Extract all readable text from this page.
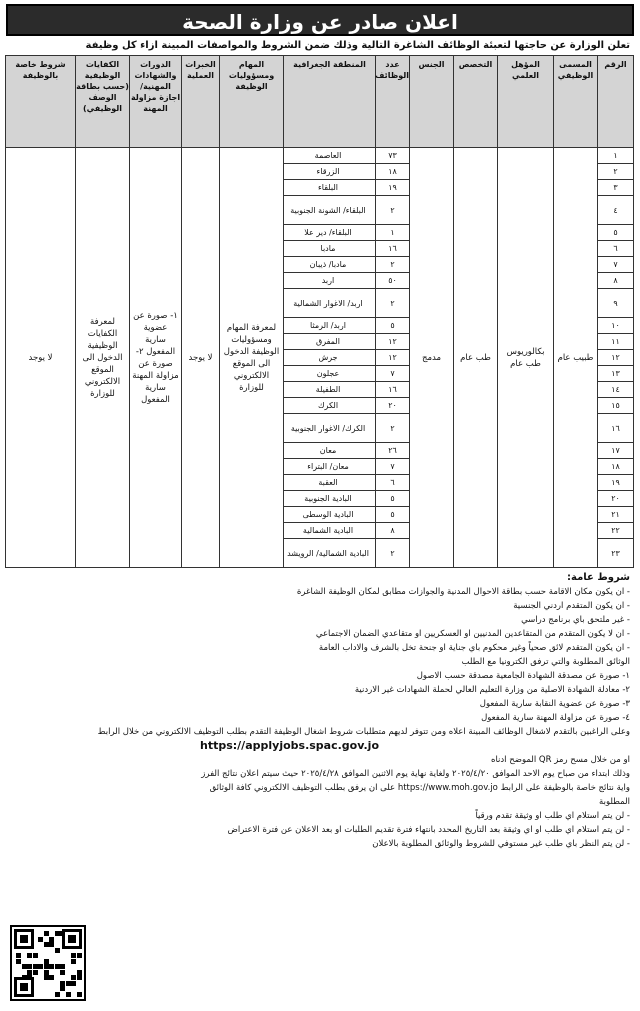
اعلان صادر عن وزارة الصحة
تعلن الوزارة عن حاجتها لتعبئة الوظائف الشاغرة التالية وذلك ضمن الشروط والمواصفات المبينة ازاء كل وظيفة
الرقم	المسمى الوظيفي	المؤهل العلمي	التخصص	الجنس	عدد الوظائف	المنطقة الجغرافية	المهام ومسؤوليات الوظيفة	الخبرات العملية	الدورات والشهادات المهنية/ اجازة مزاولة المهنة	الكفايات الوظيفية (حسب بطاقة الوصف الوظيفي)	شروط خاصة بالوظيفة
١	طبيب عام	بكالوريوس طب عام	طب عام	مدمج	٧٣	العاصمة	لمعرفة المهام ومسؤوليات الوظيفة الدخول الى الموقع الالكتروني للوزارة	لا يوجد	١- صورة عن عضوية سارية المفعول ٢- صورة عن مزاولة المهنة سارية المفعول	لمعرفة الكفايات الوظيفية الدخول الى الموقع الالكتروني للوزارة	لا يوجد
٢					١٨	الزرقاء					
٣					١٩	البلقاء					
٤					٢	البلقاء/ الشونة الجنوبية					
٥					١	البلقاء/ دير علا					
٦					١٦	مادبا					
٧					٢	مادبا/ ذيبان					
٨					٥٠	اربد					
٩					٢	اربد/ الاغوار الشمالية					
١٠					٥	اربد/ الرمثا					
١١					١٢	المفرق					
١٢					١٢	جرش					
١٣					٧	عجلون					
١٤					١٦	الطفيلة					
١٥					٢٠	الكرك					
١٦					٢	الكرك/ الاغوار الجنوبية					
١٧					٢٦	معان					
١٨					٧	معان/ البتراء					
١٩					٦	العقبة					
٢٠					٥	البادية الجنوبية					
٢١					٥	البادية الوسطى					
٢٢					٨	البادية الشمالية					
٢٣					٢	البادية الشمالية/ الرويشد					
شروط عامة:
- ان يكون مكان الاقامة حسب بطاقة الاحوال المدنية والجوازات مطابق لمكان الوظيفة الشاغرة
- ان يكون المتقدم اردني الجنسية
- غير ملتحق باي برنامج دراسي
- ان لا يكون المتقدم من المتقاعدين المدنيين او العسكريين او متقاعدي الضمان الاجتماعي
- ان يكون المتقدم لائق صحياً وغير محكوم باي جناية او جنحة تخل بالشرف والاداب العامة
الوثائق المطلوبة والتي ترفق الكترونيا مع الطلب
١- صورة عن مصدقة الشهادة الجامعية مصدقة حسب الاصول
٢- معادلة الشهادة الاصلية من وزارة التعليم العالي لحملة الشهادات غير الاردنية
٣- صورة عن عضوية النقابة سارية المفعول
٤- صورة عن مزاولة المهنة سارية المفعول
وعلى الراغبين بالتقدم لاشغال الوظائف المبينة اعلاه ومن تتوفر لديهم متطلبات شروط اشغال الوظيفة التقدم بطلب التوظيف الالكتروني من خلال الرابط
https://applyjobs.spac.gov.jo
او من خلال مسح رمز QR الموضح ادناه
وذلك ابتداء من صباح يوم الاحد الموافق ٢٠٢٥/٤/٢٠ ولغاية نهاية يوم الاثنين الموافق ٢٠٢٥/٤/٢٨ حيث سيتم اعلان نتائج الفرز
واية نتائج خاصة بالوظيفة على الرابط https://www.moh.gov.jo على ان يرفق بطلب التوظيف الالكتروني كافة الوثائق
المطلوبة
- لن يتم استلام اي طلب او وثيقة تقدم ورقياً
- لن يتم استلام اي طلب او اي وثيقة بعد التاريخ المحدد بانتهاء فترة تقديم الطلبات او بعد الاعلان عن فترة الاعتراض
- لن يتم النظر باي طلب غير مستوفي للشروط والوثائق المطلوبة بالاعلان
